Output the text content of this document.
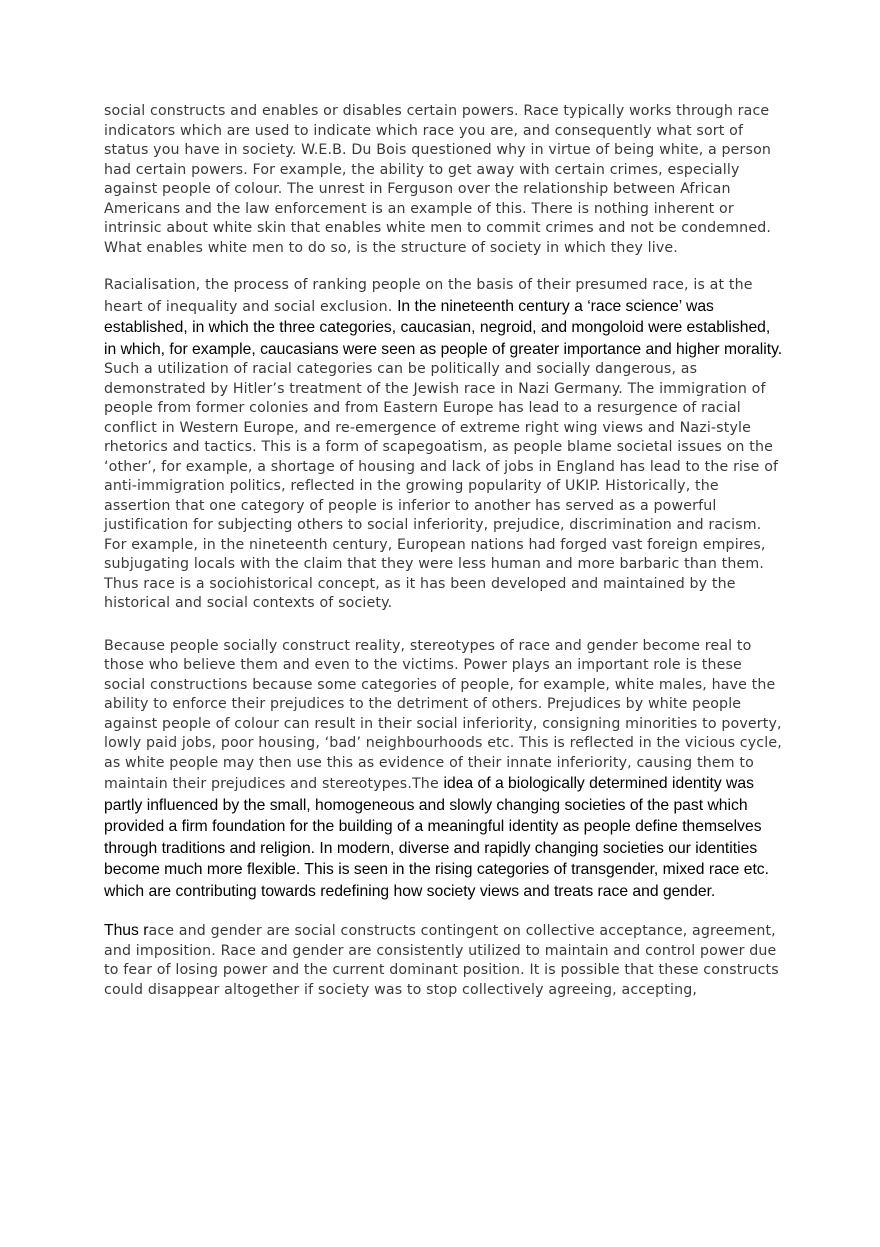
social constructs and enables or disables certain powers. Race typically works through race indicators which are used to indicate which race you are, and consequently what sort of status you have in society. W.E.B. Du Bois questioned why in virtue of being white, a person had certain powers. For example, the ability to get away with certain crimes, especially against people of colour. The unrest in Ferguson over the relationship between African Americans and the law enforcement is an example of this. There is nothing inherent or intrinsic about white skin that enables white men to commit crimes and not be condemned. What enables white men to do so, is the structure of society in which they live.

Racialisation, the process of ranking people on the basis of their presumed race, is at the heart of inequality and social exclusion. In the nineteenth century a ‘race science’ was established, in which the three categories, caucasian, negroid, and mongoloid were established, in which, for example, caucasians were seen as people of greater importance and higher morality. Such a utilization of racial categories can be politically and socially dangerous, as demonstrated by Hitler’s treatment of the Jewish race in Nazi Germany. The immigration of people from former colonies and from Eastern Europe has lead to a resurgence of racial conflict in Western Europe, and re-emergence of extreme right wing views and Nazi-style rhetorics and tactics. This is a form of scapegoatism, as people blame societal issues on the ‘other’, for example, a shortage of housing and lack of jobs in England has lead to the rise of anti-immigration politics, reflected in the growing popularity of UKIP. Historically, the assertion that one category of people is inferior to another has served as a powerful justification for subjecting others to social inferiority, prejudice, discrimination and racism. For example, in the nineteenth century, European nations had forged vast foreign empires, subjugating locals with the claim that they were less human and more barbaric than them. Thus race is a sociohistorical concept, as it has been developed and maintained by the historical and social contexts of society.

Because people socially construct reality, stereotypes of race and gender become real to those who believe them and even to the victims. Power plays an important role is these social constructions because some categories of people, for example, white males, have the ability to enforce their prejudices to the detriment of others. Prejudices by white people against people of colour can result in their social inferiority, consigning minorities to poverty, lowly paid jobs, poor housing, ‘bad’ neighbourhoods etc. This is reflected in the vicious cycle, as white people may then use this as evidence of their innate inferiority, causing them to maintain their prejudices and stereotypes.The idea of a biologically determined identity was partly influenced by the small, homogeneous and slowly changing societies of the past which provided a firm foundation for the building of a meaningful identity as people define themselves through traditions and religion. In modern, diverse and rapidly changing societies our identities become much more flexible. This is seen in the rising categories of transgender, mixed race etc. which are contributing towards redefining how society views and treats race and gender.

Thus race and gender are social constructs contingent on collective acceptance, agreement, and imposition. Race and gender are consistently utilized to maintain and control power due to fear of losing power and the current dominant position. It is possible that these constructs could disappear altogether if society was to stop collectively agreeing, accepting,
